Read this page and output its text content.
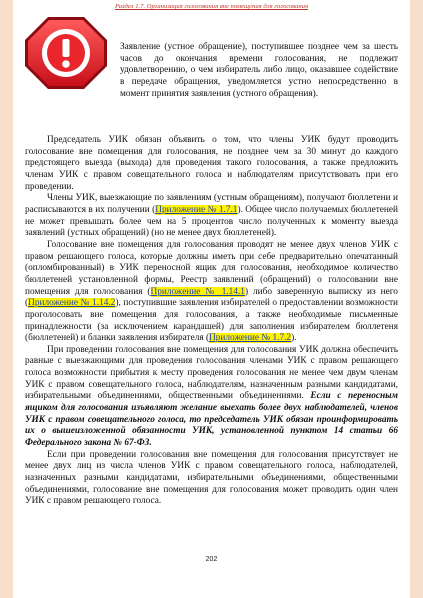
Раздел 1.7. Организация голосования вне помещения для голосования
Заявление (устное обращение), поступившее позднее чем за шесть часов до окончания времени голосования, не подлежит удовлетворению, о чем избиратель либо лицо, оказавшее содействие в передаче обращения, уведомляется устно непосредственно в момент принятия заявления (устного обращения).

Председатель УИК обязан объявить о том, что члены УИК будут проводить голосование вне помещения для голосования, не позднее чем за 30 минут до каждого предстоящего выезда (выхода) для проведения такого голосования, а также предложить членам УИК с правом совещательного голоса и наблюдателям присутствовать при его проведении.

Члены УИК, выезжающие по заявлениям (устным обращениям), получают бюллетени и расписываются в их получении (Приложение № 1.7.1). Общее число получаемых бюллетеней не может превышать более чем на 5 процентов число полученных к моменту выезда заявлений (устных обращений) (но не менее двух бюллетеней).

Голосование вне помещения для голосования проводят не менее двух членов УИК с правом решающего голоса, которые должны иметь при себе предварительно опечатанный (опломбированный) в УИК переносной ящик для голосования, необходимое количество бюллетеней установленной формы, Реестр заявлений (обращений) о голосовании вне помещения для голосования (Приложение № 1.14.1) либо заверенную выписку из него (Приложение № 1.14.2), поступившие заявления избирателей о предоставлении возможности проголосовать вне помещения для голосования, а также необходимые письменные принадлежности (за исключением карандашей) для заполнения избирателем бюллетеня (бюллетеней) и бланки заявления избирателя (Приложение № 1.7.2).

При проведении голосования вне помещения для голосования УИК должна обеспечить равные с выезжающими для проведения голосования членами УИК с правом решающего голоса возможности прибытия к месту проведения голосования не менее чем двум членам УИК с правом совещательного голоса, наблюдателям, назначенным разными кандидатами, избирательными объединениями, общественными объединениями. Если с переносным ящиком для голосования изъявляют желание выехать более двух наблюдателей, членов УИК с правом совещательного голоса, то председатель УИК обязан проинформировать их о вышеизложенной обязанности УИК, установленной пунктом 14 статьи 66 Федерального закона № 67-ФЗ.

Если при проведении голосования вне помещения для голосования присутствует не менее двух лиц из числа членов УИК с правом совещательного голоса, наблюдателей, назначенных разными кандидатами, избирательными объединениями, общественными объединениями, голосование вне помещения для голосования может проводить один член УИК с правом решающего голоса.

202
